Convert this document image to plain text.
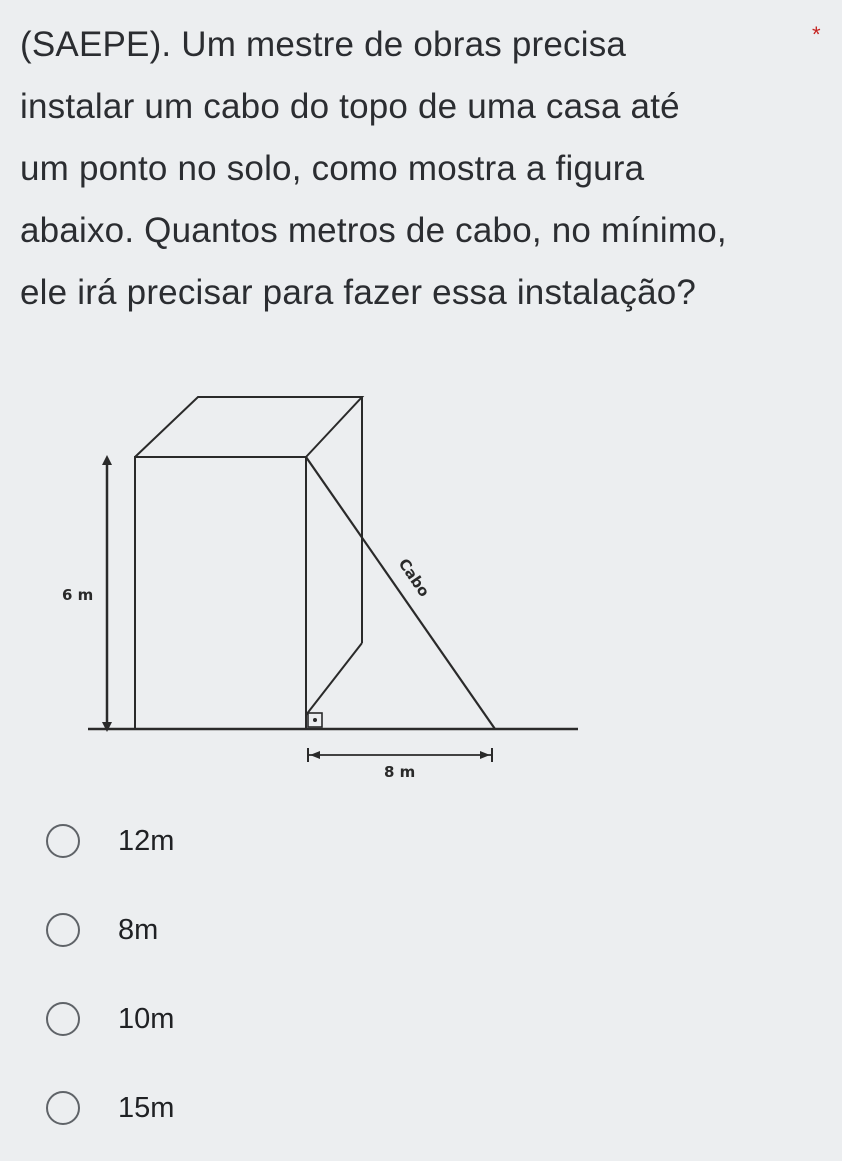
(SAEPE). Um mestre de obras precisa
instalar um cabo do topo de uma casa até
um ponto no solo, como mostra a figura
abaixo. Quantos metros de cabo, no mínimo,
ele irá precisar para fazer essa instalação?
*
6 m
8 m
Cabo
12m
8m
10m
15m
